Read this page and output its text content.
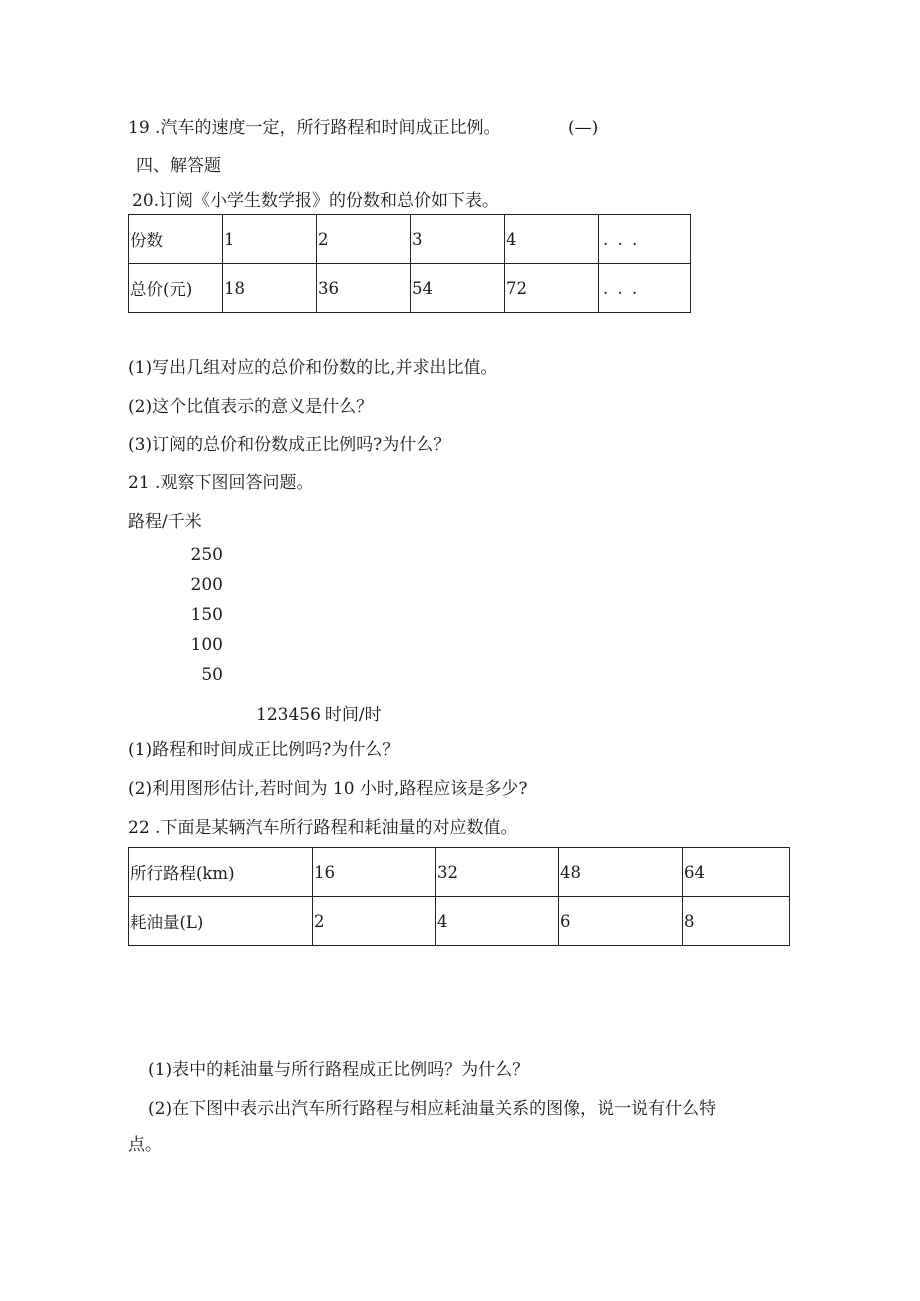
19 .汽车的速度一定，所行路程和时间成正比例。	(—)
四、解答题
20.订阅《小学生数学报》的份数和总价如下表。
份数	1	2	3	4	. . .
总价(元)	18	36	54	72	. . .
(1)写出几组对应的总价和份数的比,并求出比值。
(2)这个比值表示的意义是什么？
(3)订阅的总价和份数成正比例吗?为什么？
21 .观察下图回答问题。
路程/千米
250
200
150
100
50
123456 时间/时
(1)路程和时间成正比例吗?为什么？
(2)利用图形估计,若时间为 10 小时,路程应该是多少?
22 .下面是某辆汽车所行路程和耗油量的对应数值。
所行路程(km)	16	32	48	64
耗油量(L)	2	4	6	8
(1)表中的耗油量与所行路程成正比例吗？为什么？
(2)在下图中表示出汽车所行路程与相应耗油量关系的图像，说一说有什么特
点。
